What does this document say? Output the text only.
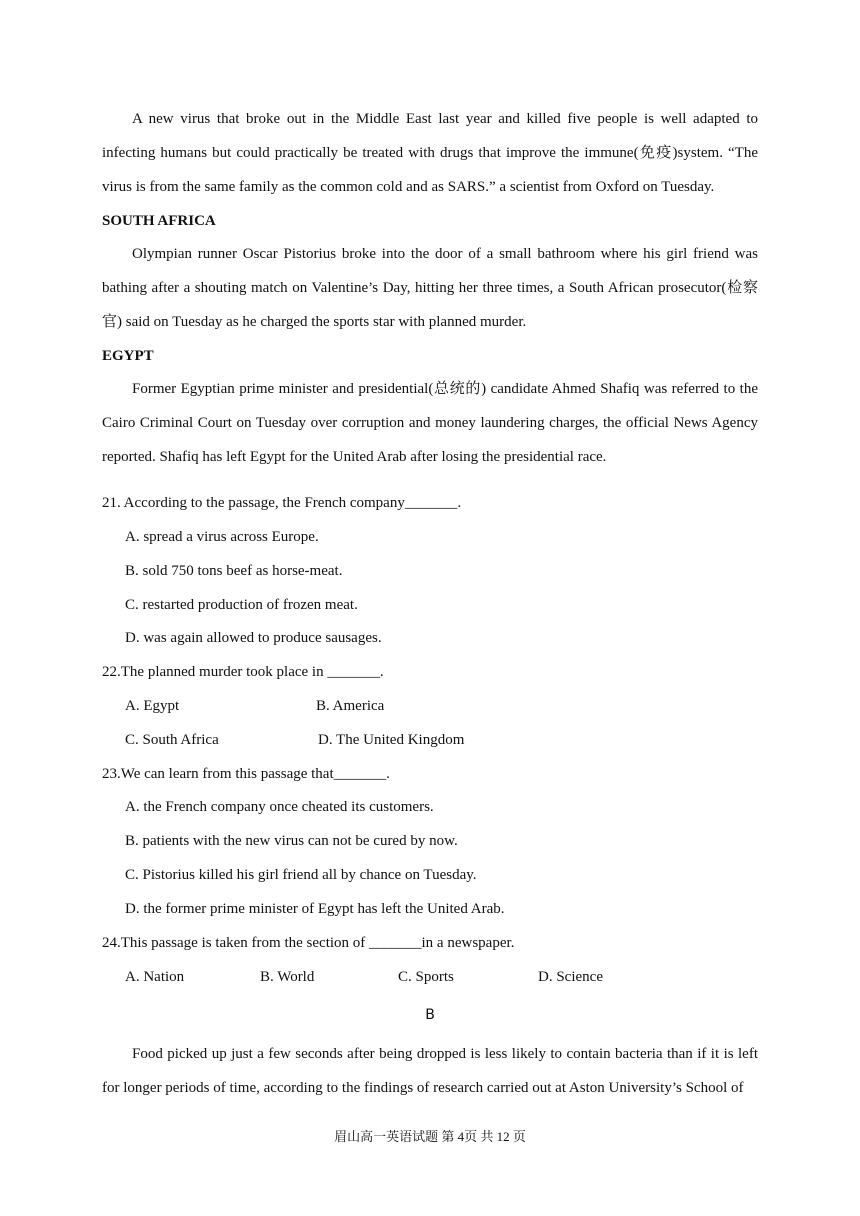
A new virus that broke out in the Middle East last year and killed five people is well adapted to infecting humans but could practically be treated with drugs that improve the immune(免疫)system. “The virus is from the same family as the common cold and as SARS.” a scientist from Oxford on Tuesday.

SOUTH AFRICA

Olympian runner Oscar Pistorius broke into the door of a small bathroom where his girl friend was bathing after a shouting match on Valentine’s Day, hitting her three times, a South African prosecutor(检察官) said on Tuesday as he charged the sports star with planned murder.

EGYPT

Former Egyptian prime minister and presidential(总统的) candidate Ahmed Shafiq was referred to the Cairo Criminal Court on Tuesday over corruption and money laundering charges, the official News Agency reported. Shafiq has left Egypt for the United Arab after losing the presidential race.

21. According to the passage, the French company_______.
A. spread a virus across Europe.
B. sold 750 tons beef as horse-meat.
C. restarted production of frozen meat.
D. was again allowed to produce sausages.
22.The planned murder took place in _______.
A. Egypt	B. America
C. South Africa	D. The United Kingdom
23.We can learn from this passage that_______.
A. the French company once cheated its customers.
B. patients with the new virus can not be cured by now.
C. Pistorius killed his girl friend all by chance on Tuesday.
D. the former prime minister of Egypt has left the United Arab.
24.This passage is taken from the section of _______in a newspaper.
A. Nation	B. World	C. Sports	D. Science
B

Food picked up just a few seconds after being dropped is less likely to contain bacteria than if it is left for longer periods of time, according to the findings of research carried out at Aston University’s School of

眉山高一英语试题 第 4页 共 12 页
